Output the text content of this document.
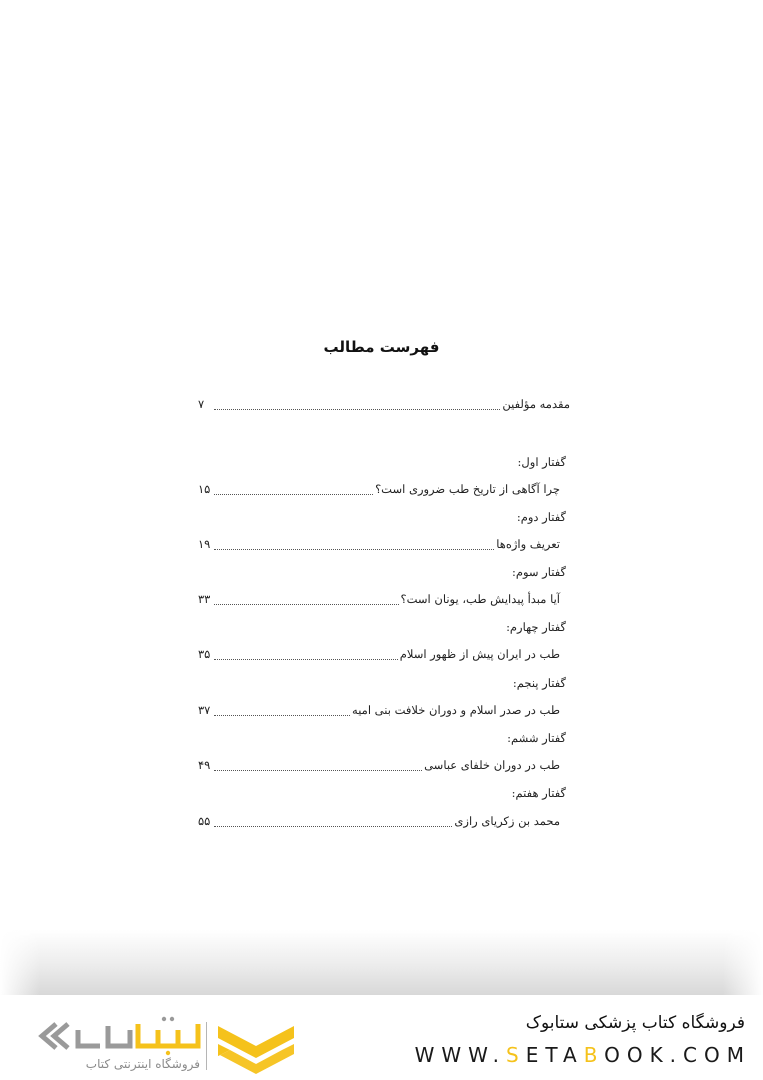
فهرست مطالب
مقدمه مؤلفین
۷
گفتار اول:
چرا آگاهی از تاریخ طب ضروری است؟
۱۵
گفتار دوم:
تعریف واژه‌ها
۱۹
گفتار سوم:
آیا مبدأ پیدایش طب، یونان است؟
۳۳
گفتار چهارم:
طب در ایران پیش از ظهور اسلام
۳۵
گفتار پنجم:
طب در صدر اسلام و دوران خلافت بنی امیه
۳۷
گفتار ششم:
طب در دوران خلفای عباسی
۴۹
گفتار هفتم:
محمد بن زکریای رازی
۵۵
فروشگاه کتاب پزشکی ستابوک
WWW.SETABOOK.COM
فروشگاه اینترنتی کتاب
